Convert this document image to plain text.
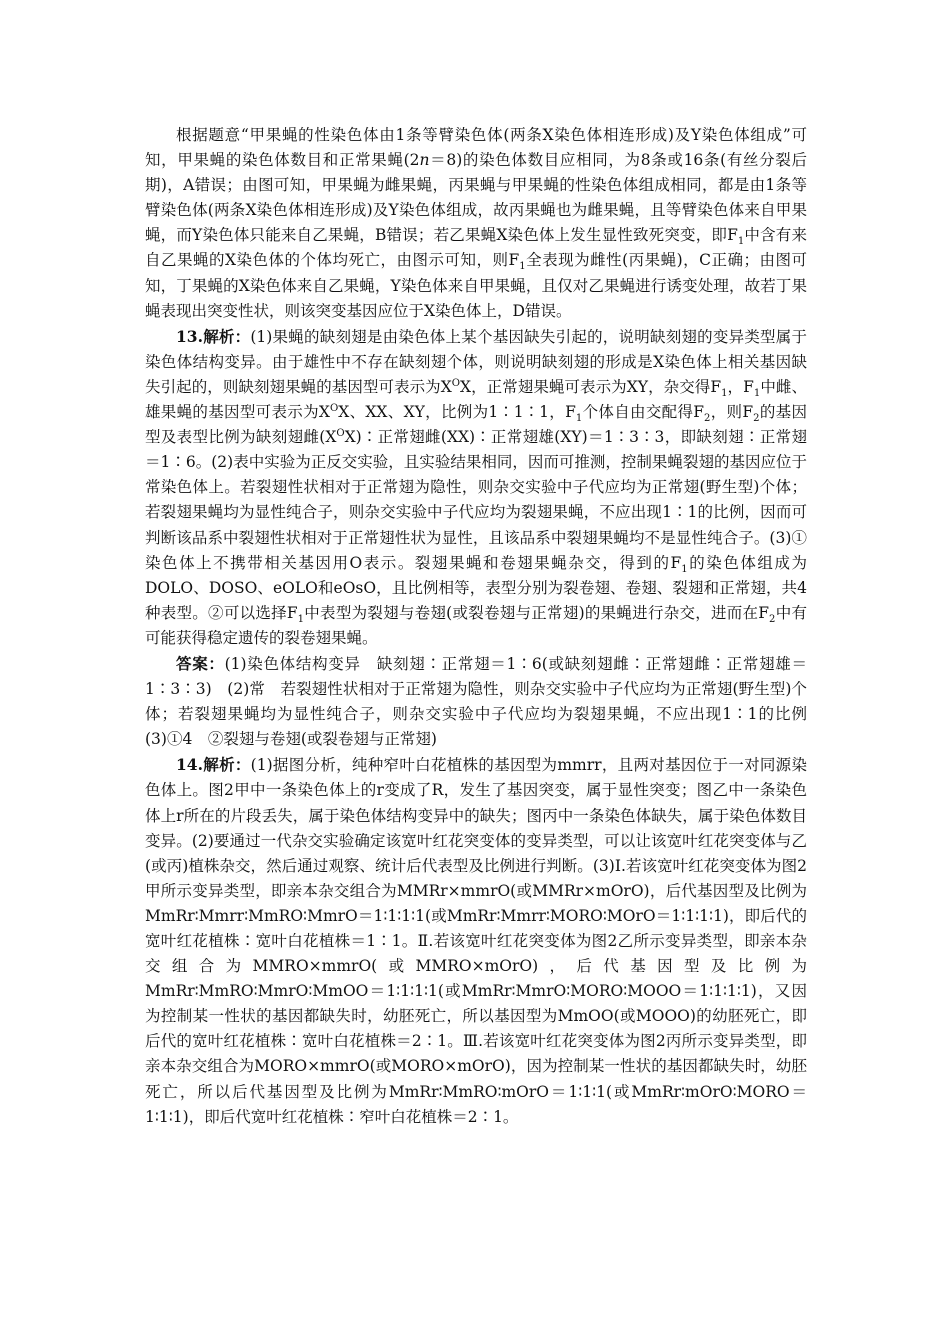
根据题意“甲果蝇的性染色体由1条等臂染色体(两条X染色体相连形成)及Y染色体组成”可知，甲果蝇的染色体数目和正常果蝇(2n＝8)的染色体数目应相同，为8条或16条(有丝分裂后期)，A错误；由图可知，甲果蝇为雌果蝇，丙果蝇与甲果蝇的性染色体组成相同，都是由1条等臂染色体(两条X染色体相连形成)及Y染色体组成，故丙果蝇也为雌果蝇，且等臂染色体来自甲果蝇，而Y染色体只能来自乙果蝇，B错误；若乙果蝇X染色体上发生显性致死突变，即$F_1$中含有来自乙果蝇的X染色体的个体均死亡，由图示可知，则$F_1$全表现为雌性(丙果蝇)，C正确；由图可知，丁果蝇的X染色体来自乙果蝇，Y染色体来自甲果蝇，且仅对乙果蝇进行诱变处理，故若丁果蝇表现出突变性状，则该突变基因应位于X染色体上，D错误。

13.解析：(1)果蝇的缺刻翅是由染色体上某个基因缺失引起的，说明缺刻翅的变异类型属于染色体结构变异。由于雄性中不存在缺刻翅个体，则说明缺刻翅的形成是X染色体上相关基因缺失引起的，则缺刻翅果蝇的基因型可表示为$X^OX$，正常翅果蝇可表示为XY，杂交得$F_1$，$F_1$中雌、雄果蝇的基因型可表示为$X^OX$、XX、XY，比例为1∶1∶1，$F_1$个体自由交配得$F_2$，则$F_2$的基因型及表型比例为缺刻翅雌$(X^OX)∶$正常翅雌(XX)∶正常翅雄(XY)＝1∶3∶3，即缺刻翅∶正常翅＝1∶6。(2)表中实验为正反交实验，且实验结果相同，因而可推测，控制果蝇裂翅的基因应位于常染色体上。若裂翅性状相对于正常翅为隐性，则杂交实验中子代应均为正常翅(野生型)个体；若裂翅果蝇均为显性纯合子，则杂交实验中子代应均为裂翅果蝇，不应出现1∶1的比例，因而可判断该品系中裂翅性状相对于正常翅性状为显性，且该品系中裂翅果蝇均不是显性纯合子。(3)① 染色体上不携带相关基因用O表示。裂翅果蝇和卷翅果蝇杂交，得到的$F_1$的染色体组成为DOLO、DOSO、eOLO和eOsO，且比例相等，表型分别为裂卷翅、卷翅、裂翅和正常翅，共4种表型。②可以选择$F_1$中表型为裂翅与卷翅(或裂卷翅与正常翅)的果蝇进行杂交，进而在$F_2$中有可能获得稳定遗传的裂卷翅果蝇。

答案：(1)染色体结构变异　缺刻翅∶正常翅＝1∶6(或缺刻翅雌∶正常翅雌∶正常翅雄＝1∶3∶3)　(2)常　若裂翅性状相对于正常翅为隐性，则杂交实验中子代应均为正常翅(野生型)个体；若裂翅果蝇均为显性纯合子，则杂交实验中子代应均为裂翅果蝇，不应出现1∶1的比例　(3)①4　②裂翅与卷翅(或裂卷翅与正常翅)

14.解析：(1)据图分析，纯种窄叶白花植株的基因型为mmrr，且两对基因位于一对同源染色体上。图2甲中一条染色体上的r变成了R，发生了基因突变，属于显性突变；图乙中一条染色体上r所在的片段丢失，属于染色体结构变异中的缺失；图丙中一条染色体缺失，属于染色体数目变异。(2)要通过一代杂交实验确定该宽叶红花突变体的变异类型，可以让该宽叶红花突变体与乙(或丙)植株杂交，然后通过观察、统计后代表型及比例进行判断。(3)Ⅰ.若该宽叶红花突变体为图2甲所示变异类型，即亲本杂交组合为MMRr×mmrO(或MMRr×mOrO)，后代基因型及比例为MmRr∶Mmrr∶MmRO∶MmrO＝1∶1∶1∶1(或MmRr∶Mmrr∶MORO∶MOrO＝1∶1∶1∶1)，即后代的宽叶红花植株∶宽叶白花植株＝1∶1。Ⅱ.若该宽叶红花突变体为图2乙所示变异类型，即亲本杂交组合为MMRO×mmrO(或MMRO×mOrO)，后代基因型及比例为MmRr∶MmRO∶MmrO∶MmOO＝1∶1∶1∶1(或MmRr∶MmrO∶MORO∶MOOO＝1∶1∶1∶1)，又因为控制某一性状的基因都缺失时，幼胚死亡，所以基因型为MmOO(或MOOO)的幼胚死亡，即后代的宽叶红花植株∶宽叶白花植株＝2∶1。Ⅲ.若该宽叶红花突变体为图2丙所示变异类型，即亲本杂交组合为MORO×mmrO(或MORO×mOrO)，因为控制某一性状的基因都缺失时，幼胚死亡，所以后代基因型及比例为MmRr∶MmRO∶mOrO＝1∶1∶1(或MmRr∶mOrO∶MORO＝1∶1∶1)，即后代宽叶红花植株∶窄叶白花植株＝2∶1。
